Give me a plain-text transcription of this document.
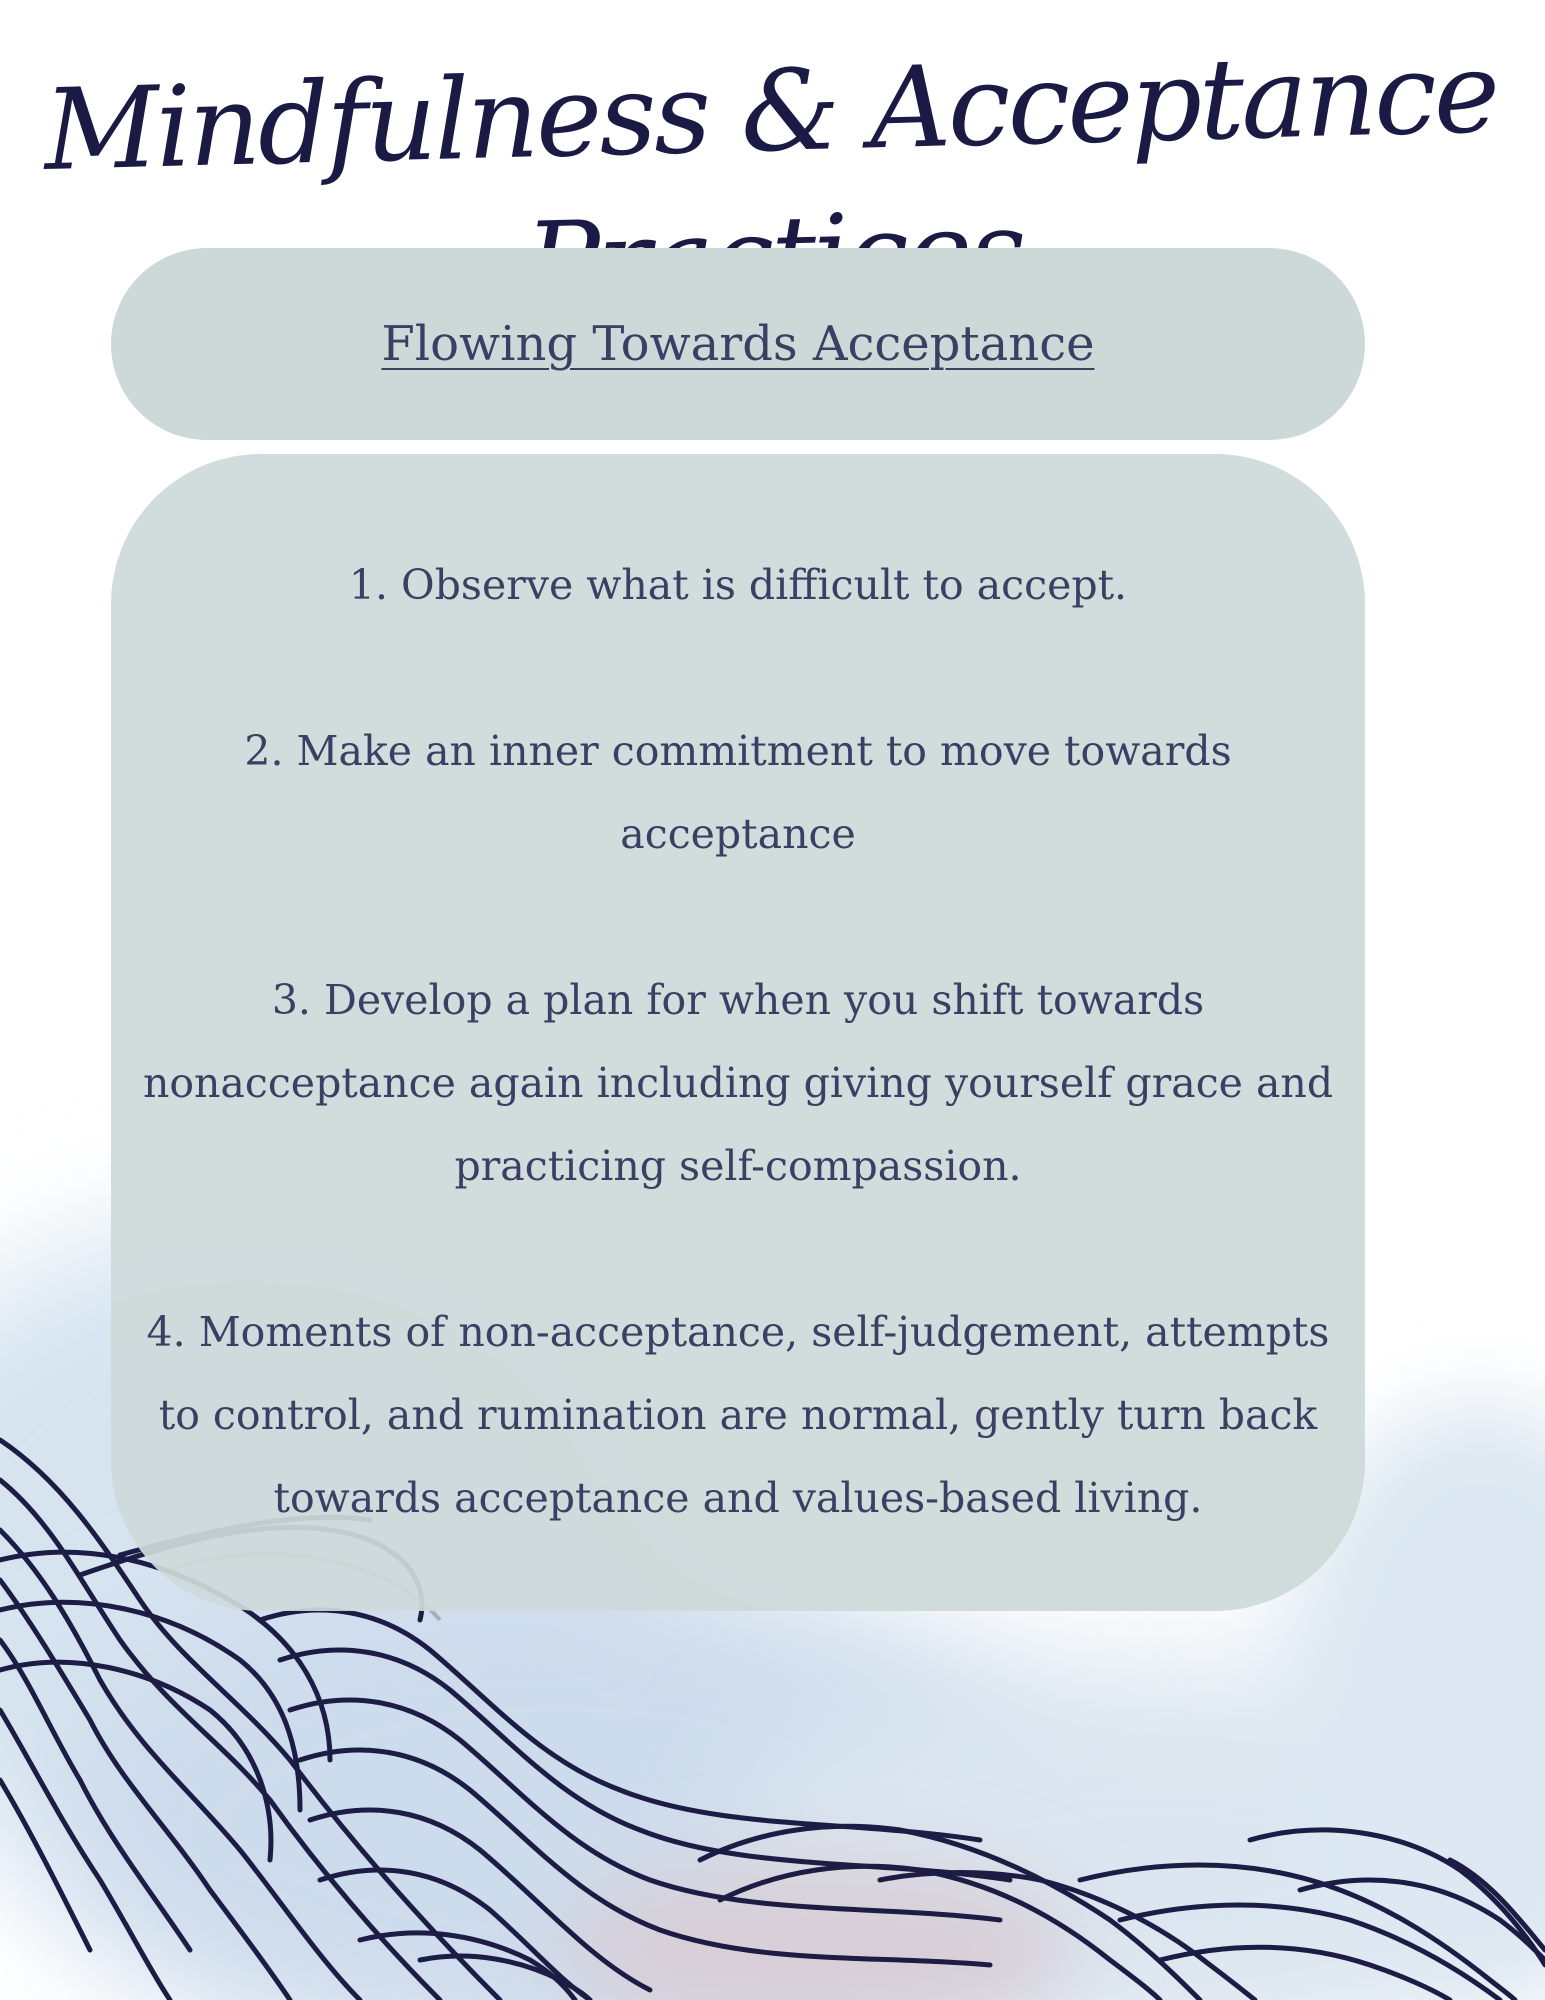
Mindfulness & Acceptance
Flowing Towards Acceptance

1. Observe what is difficult to accept.

2. Make an inner commitment to move towards acceptance

3. Develop a plan for when you shift towards nonacceptance again including giving yourself grace and practicing self-compassion.

4. Moments of non-acceptance, self-judgement, attempts to control, and rumination are normal, gently turn back towards acceptance and values-based living.
